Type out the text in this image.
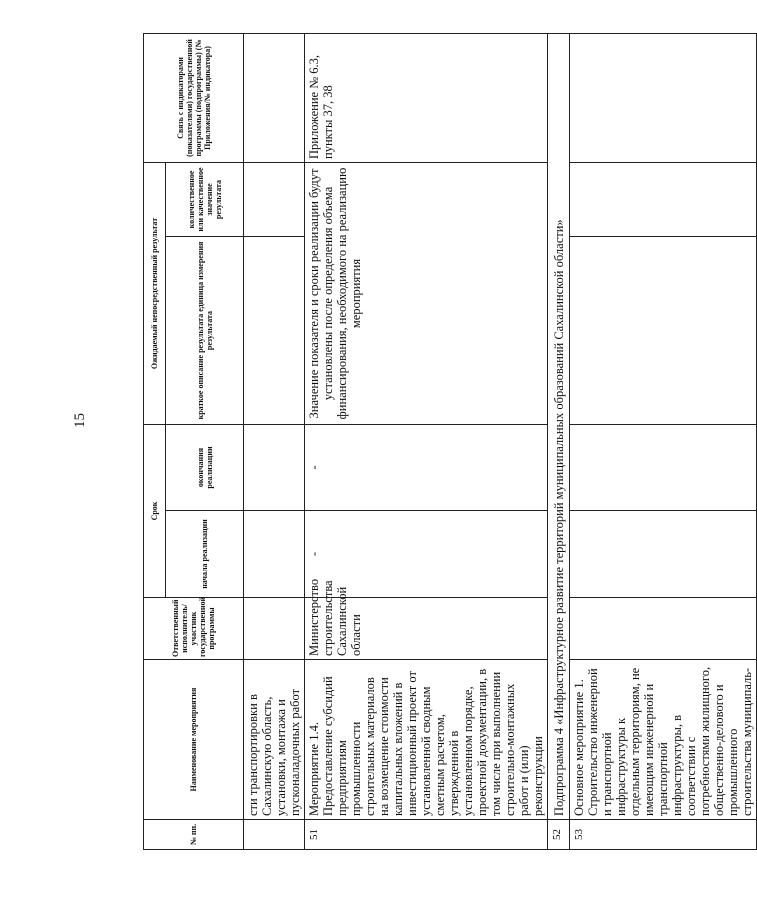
15
№ пп.	Наименование мероприятия	Ответственный исполнитель/участник государственной программы	Срок		Ожидаемый непосредственный результат		Связь с индикаторами (показателями) государственной программы (подпрограммы) (№ Приложения/№ индикатора)
			начала реализации	окончания реализации	краткое описание результата единица измерения результата	количественное или качественное значение результата	
	сти транспортировки в Сахалинскую область, установки, монтажа и пусконаладочных работ						
51	Мероприятие 1.4. Предоставление субсидий предприятиям промышленности строительных материалов на возмещение стоимости капитальных вложений в инвестиционный проект от установленной сводным сметным расчетом, утвержденной в установленном порядке, проектной документации, в том числе при выполнении строительно-монтажных работ и (или) реконструкции	Министерство строительства Сахалинской области	-	-	Значение показателя и сроки реализации будут установлены после определения объема финансирования, необходимого на реализацию мероприятия		Приложение № 6.3, пункты 37, 38
52	Подпрограмма 4 «Инфраструктурное развитие территорий муниципальных образований Сахалинской области»						
53	Основное мероприятие 1. Строительство инженерной и транспортной инфраструктуры к отдельным территориям, не имеющим инженерной и транспортной инфраструктуры, в соответствии с потребностями жилищного, общественно-делового и промышленного строительства муниципаль-						
